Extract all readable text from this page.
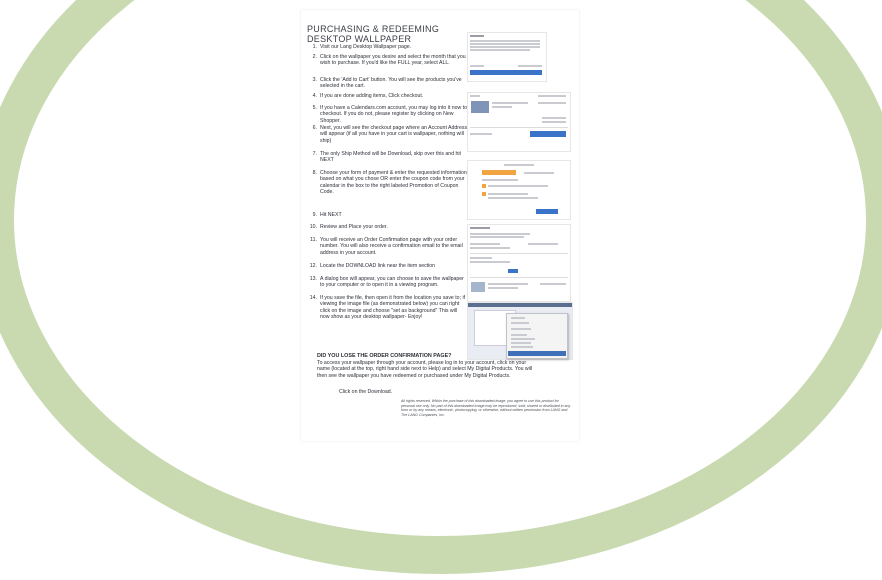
PURCHASING & REDEEMING
DESKTOP WALLPAPER
1. Visit our Lang Desktop Wallpaper page.
2. Click on the wallpaper you desire and select the month that you wish to purchase. If you'd like the FULL year, select ALL.
3. Click the 'Add to Cart' button. You will see the products you've selected in the cart.
4. If you are done adding items, Click checkout.
5. If you have a Calendars.com account, you may log into it now to checkout. If you do not, please register by clicking on New Shopper.
6. Next, you will see the checkout page where an Account Address will appear (if all you have in your cart is wallpaper, nothing will ship)
7. The only Ship Method will be Download, skip over this and hit NEXT
8. Choose your form of payment & enter the requested information based on what you chose OR enter the coupon code from your calendar in the box to the right labeled Promotion of Coupon Code.
9. Hit NEXT
10. Review and Place your order.
11. You will receive an Order Confirmation page with your order number. You will also receive a confirmation email to the email address in your account.
12. Locate the DOWNLOAD link near the item section
13. A dialog box will appear, you can choose to save the wallpaper to your computer or to open it in a viewing program.
14. If you save the file, then open it from the location you save to; if viewing the image file (as demonstrated below) you can right click on the image and choose "set as background" This will now show as your desktop wallpaper- Enjoy!
DID YOU LOSE THE ORDER CONFIRMATION PAGE?
To access your wallpaper through your account, please log in to your account, click on your name (located at the top, right hand side next to Help) and select My Digital Products. You will then see the wallpaper you have redeemed or purchased under My Digital Products.
Click on the Download.
All rights reserved. Within the purchase of this downloaded image, you agree to use this product for personal use only. No part of this downloaded image may be reproduced, sold, shared or distributed in any form or by any means, electronic, photocopying, or otherwise, without written permission from LANG and The LANG Companies, Inc.
